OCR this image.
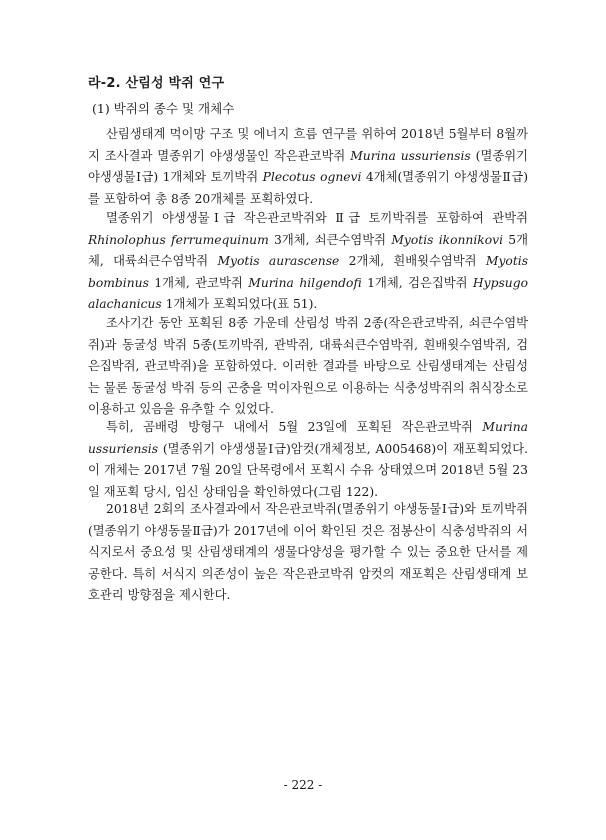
라-2. 산림성 박쥐 연구
(1) 박쥐의 종수 및 개체수

산림생태계 먹이망 구조 및 에너지 흐름 연구를 위하여 2018년 5월부터 8월까지 조사결과 멸종위기 야생생물인 작은관코박쥐 Murina ussuriensis (멸종위기 야생생물Ⅰ급) 1개체와 토끼박쥐 Plecotus ognevi 4개체(멸종위기 야생생물Ⅱ급)를 포함하여 총 8종 20개체를 포획하였다.

멸종위기 야생생물Ⅰ급 작은관코박쥐와 Ⅱ급 토끼박쥐를 포함하여 관박쥐 Rhinolophus ferrumequinum 3개체, 쇠큰수염박쥐 Myotis ikonnikovi 5개체, 대륙쇠큰수염박쥐 Myotis aurascense 2개체, 흰배윗수염박쥐 Myotis bombinus 1개체, 관코박쥐 Murina hilgendofi 1개체, 검은집박쥐 Hypsugo alachanicus 1개체가 포획되었다(표 51).

조사기간 동안 포획된 8종 가운데 산림성 박쥐 2종(작은관코박쥐, 쇠큰수염박쥐)과 동굴성 박쥐 5종(토끼박쥐, 관박쥐, 대륙쇠큰수염박쥐, 흰배윗수염박쥐, 검은집박쥐, 관코박쥐)을 포함하였다. 이러한 결과를 바탕으로 산림생태계는 산림성는 물론 동굴성 박쥐 등의 곤충을 먹이자원으로 이용하는 식충성박쥐의 취식장소로 이용하고 있음을 유추할 수 있었다.

특히, 곰배령 방형구 내에서 5월 23일에 포획된 작은관코박쥐 Murina ussuriensis (멸종위기 야생생물Ⅰ급)암컷(개체정보, A005468)이 재포획되었다. 이 개체는 2017년 7월 20일 단목령에서 포획시 수유 상태였으며 2018년 5월 23일 재포획 당시, 임신 상태임을 확인하였다(그림 122).

2018년 2회의 조사결과에서 작은관코박쥐(멸종위기 야생동물Ⅰ급)와 토끼박쥐(멸종위기 야생동물Ⅱ급)가 2017년에 이어 확인된 것은 점봉산이 식충성박쥐의 서식지로서 중요성 및 산림생태계의 생물다양성을 평가할 수 있는 중요한 단서를 제공한다. 특히 서식지 의존성이 높은 작은관코박쥐 암컷의 재포획은 산림생태계 보호관리 방향점을 제시한다.

- 222 -
